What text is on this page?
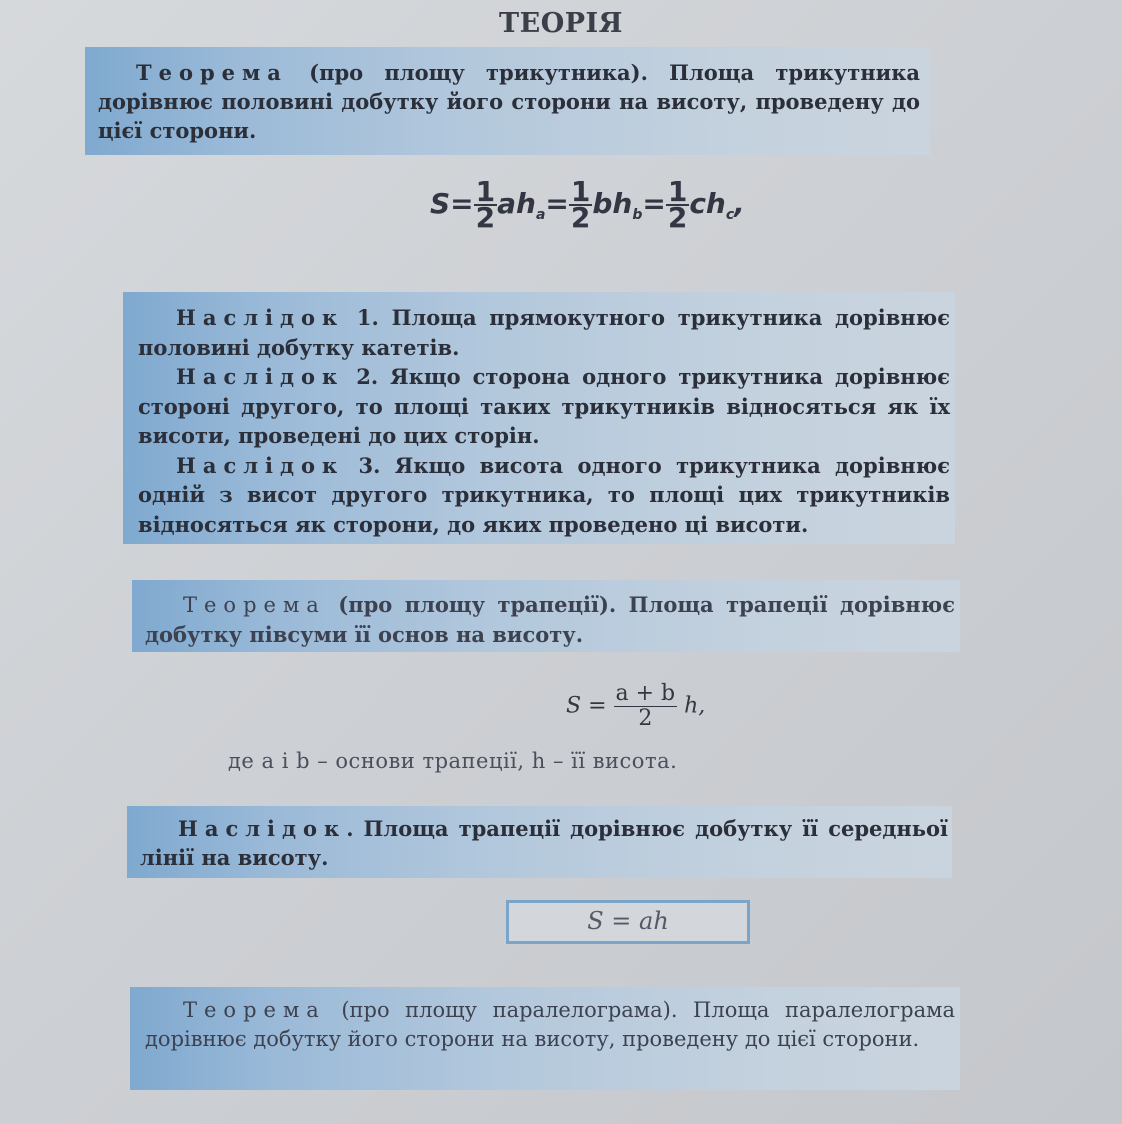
ТЕОРІЯ
Теорема (про площу трикутника). Площа трикутника дорівнює половині добутку його сторони на висоту, проведену до цієї сторони.
$S= \frac{1}{2} ah_a= \frac{1}{2} bh_b= \frac{1}{2} ch_c$,

Наслідок 1. Площа прямокутного трикутника дорівнює половині добутку катетів.

Наслідок 2. Якщо сторона одного трикутника дорівнює стороні другого, то площі таких трикутників відносяться як їх висоти, проведені до цих сторін.

Наслідок 3. Якщо висота одного трикутника дорівнює одній з висот другого трикутника, то площі цих трикутників відносяться як сторони, до яких проведено ці висоти.

Теорема (про площу трапеції). Площа трапеції дорівнює добутку півсуми її основ на висоту.
$S = \frac{a + b}{2} h$,
де a і b – основи трапеції, h – її висота.
Наслідок. Площа трапеції дорівнює добутку її середньої лінії на висоту.
S = ah
Теорема (про площу паралелограма). Площа паралелограма дорівнює добутку його сторони на висоту, проведену до цієї сторони.
